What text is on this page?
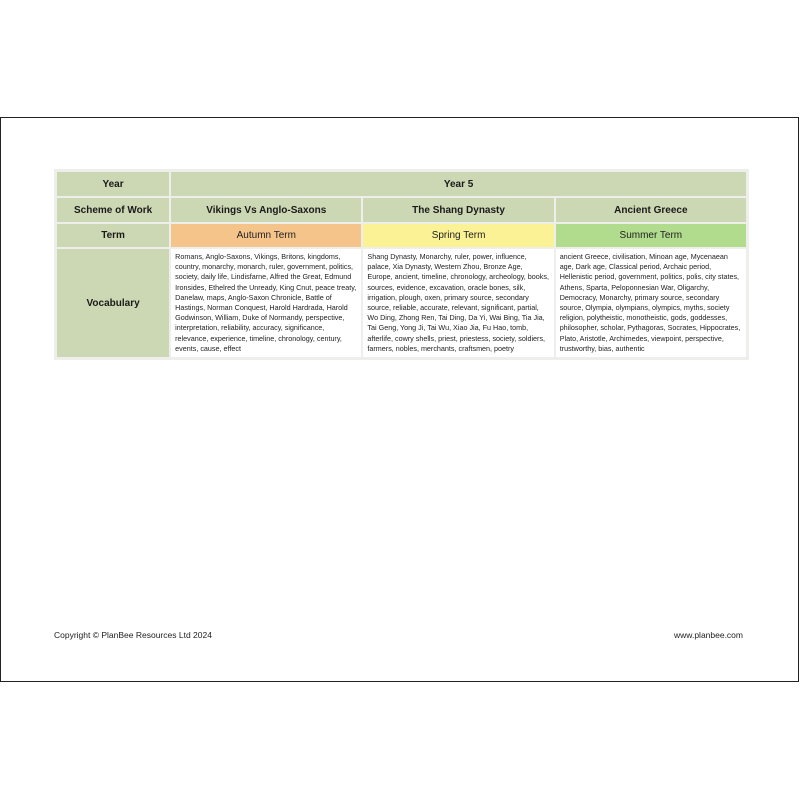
Year	Year 5		
Scheme of Work	Vikings Vs Anglo-Saxons	The Shang Dynasty	Ancient Greece
Term	Autumn Term	Spring Term	Summer Term
Vocabulary	Romans, Anglo-Saxons, Vikings, Britons, kingdoms, country, monarchy, monarch, ruler, government, politics, society, daily life, Lindisfarne, Alfred the Great, Edmund Ironsides, Ethelred the Unready, King Cnut, peace treaty, Danelaw, maps, Anglo-Saxon Chronicle, Battle of Hastings, Norman Conquest, Harold Hardrada, Harold Godwinson, William, Duke of Normandy, perspective, interpretation, reliability, accuracy, significance, relevance, experience, timeline, chronology, century, events, cause, effect	Shang Dynasty, Monarchy, ruler, power, influence, palace, Xia Dynasty, Western Zhou, Bronze Age, Europe, ancient, timeline, chronology, archeology, books, sources, evidence, excavation, oracle bones, silk, irrigation, plough, oxen, primary source, secondary source, reliable, accurate, relevant, significant, partial, Wo Ding, Zhong Ren, Tai Ding, Da Yi, Wai Bing, Tia Jia, Tai Geng, Yong Ji, Tai Wu, Xiao Jia, Fu Hao, tomb, afterlife, cowry shells, priest, priestess, society, soldiers, farmers, nobles, merchants, craftsmen, poetry	ancient Greece, civilisation, Minoan age, Mycenaean age, Dark age, Classical period, Archaic period, Hellenistic period, government, politics, polis, city states, Athens, Sparta, Peloponnesian War, Oligarchy, Democracy, Monarchy, primary source, secondary source, Olympia, olympians, olympics, myths, society religion, polytheistic, monotheistic, gods, goddesses, philosopher, scholar, Pythagoras, Socrates, Hippocrates, Plato, Aristotle, Archimedes, viewpoint, perspective, trustworthy, bias, authentic
Copyright © PlanBee Resources Ltd 2024	www.planbee.com
